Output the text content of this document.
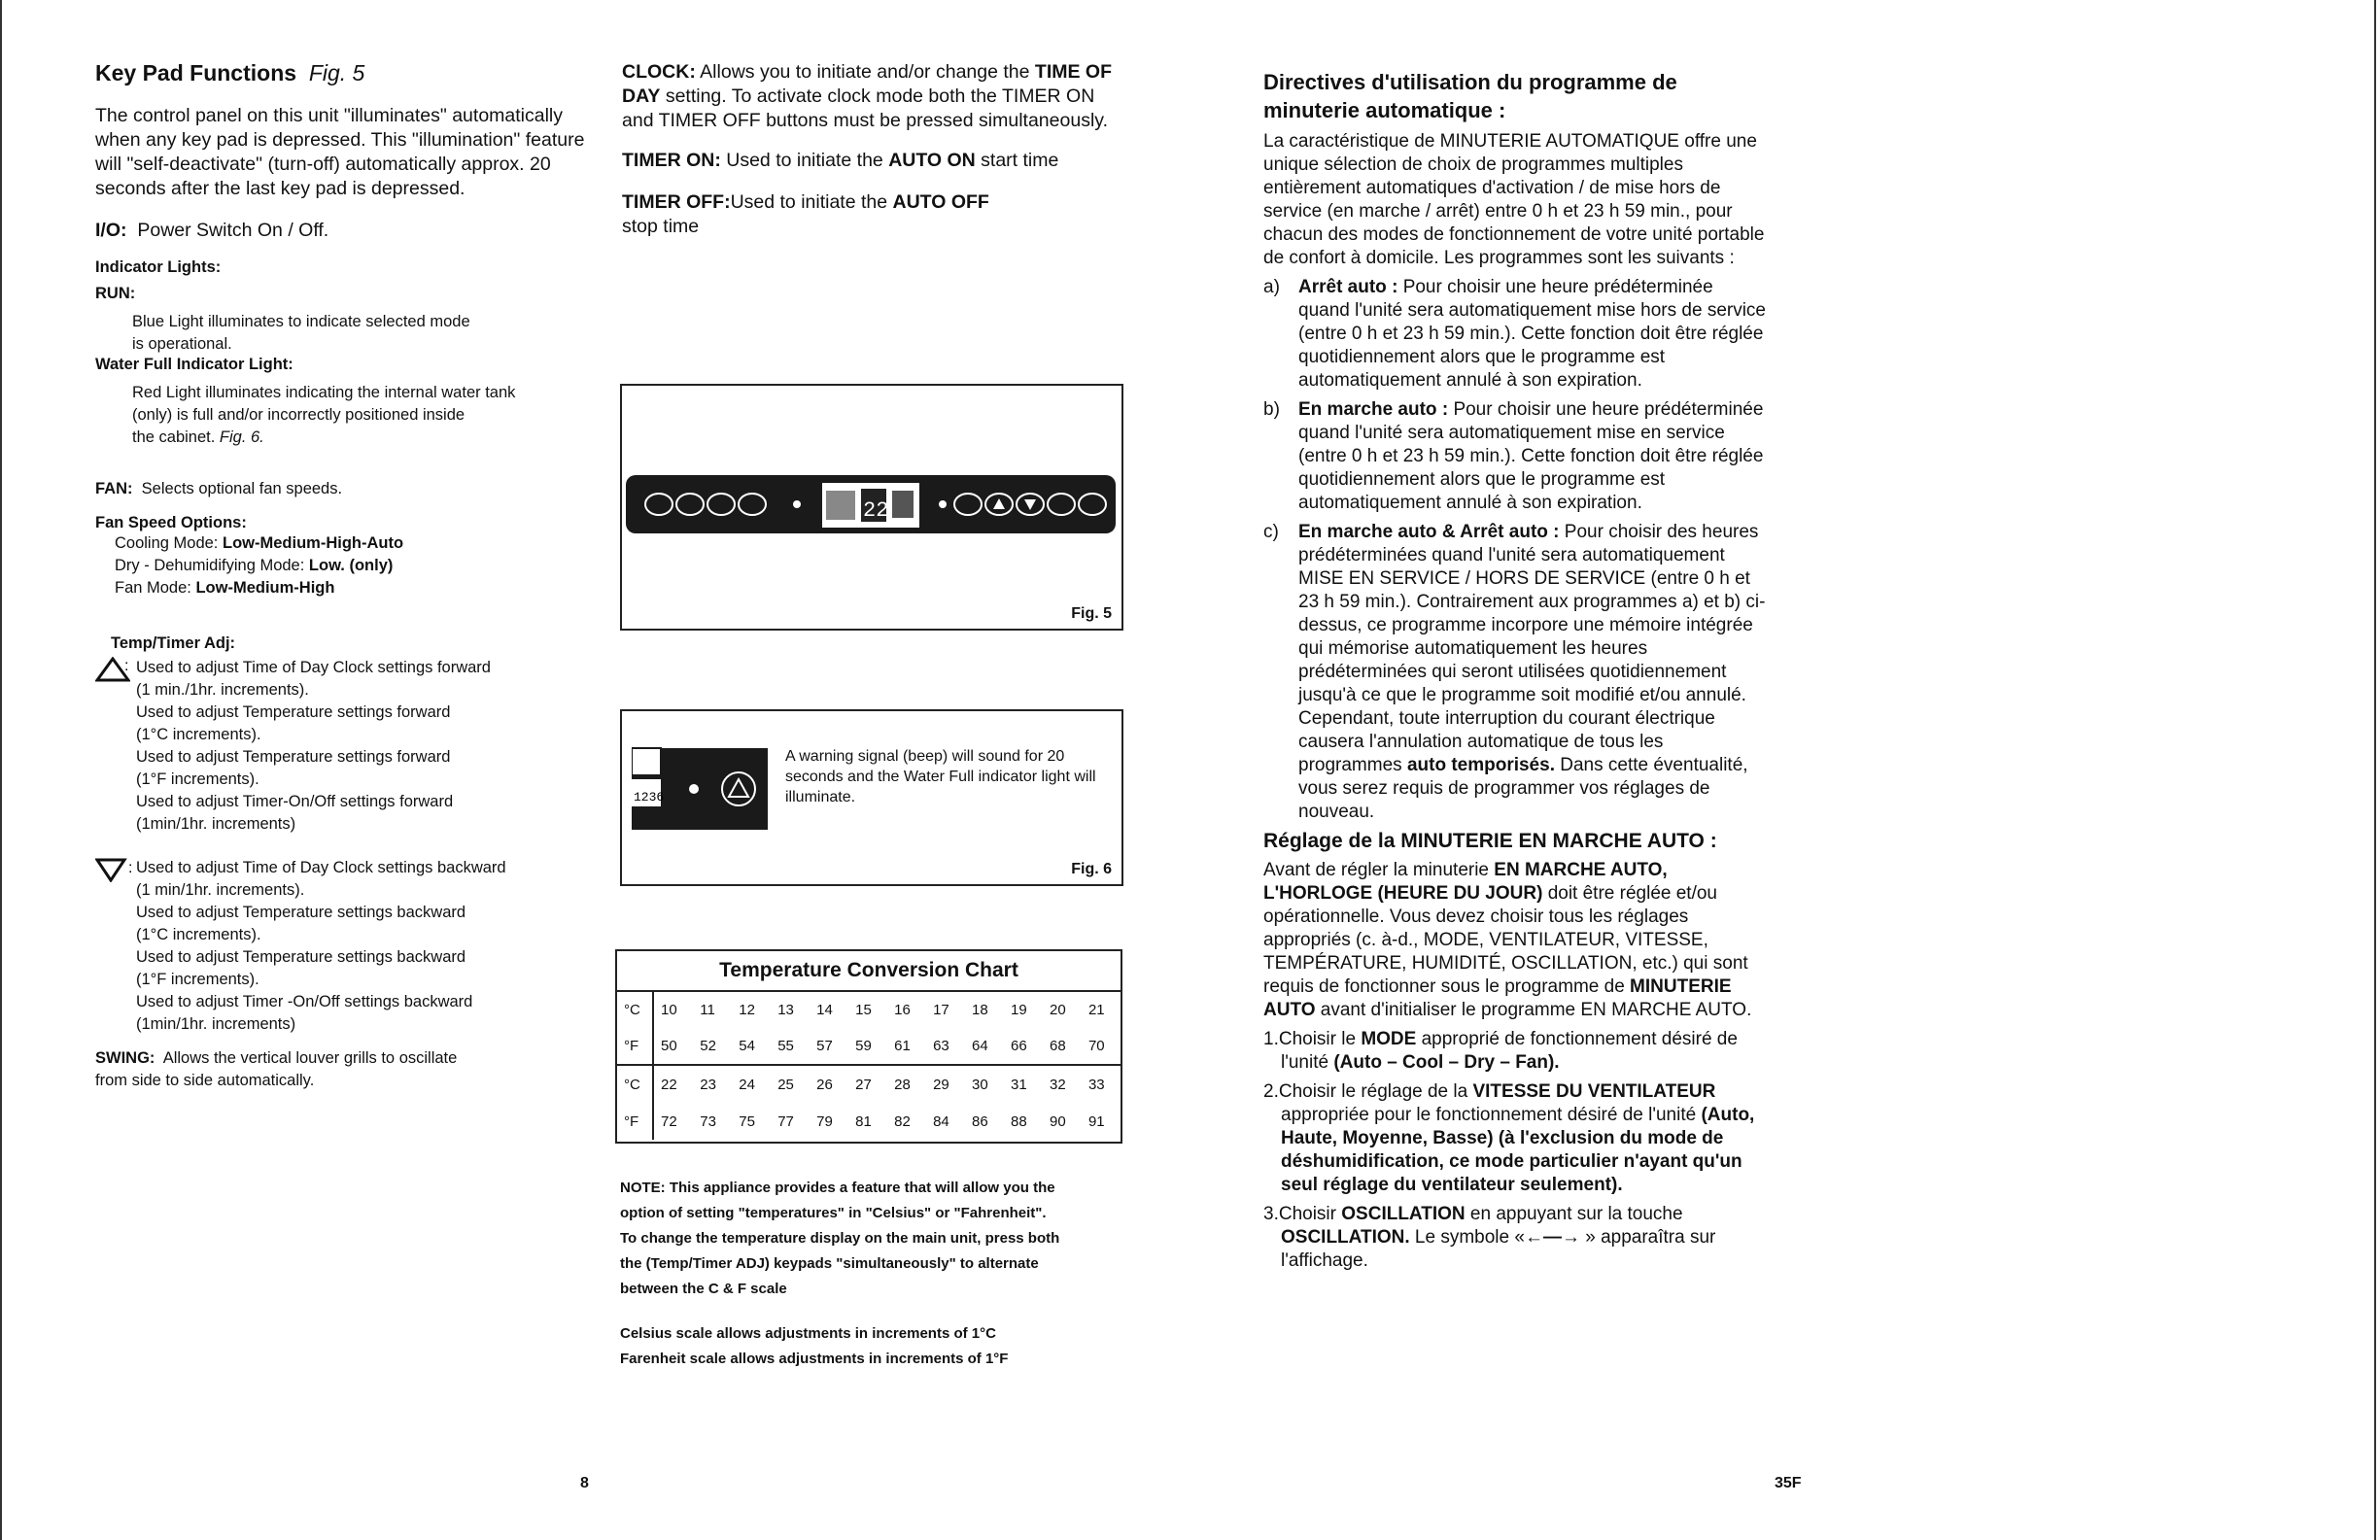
Key Pad Functions Fig. 5

The control panel on this unit "illuminates" automatically when any key pad is depressed. This "illumination" feature will "self-deactivate" (turn-off) automatically approx. 20 seconds after the last key pad is depressed.

I/O: Power Switch On / Off.

Indicator Lights:

RUN:

Blue Light illuminates to indicate selected mode
is operational.

Water Full Indicator Light:

Red Light illuminates indicating the internal water tank
(only) is full and/or incorrectly positioned inside
the cabinet. Fig. 6.

FAN: Selects optional fan speeds.

Fan Speed Options:

Cooling Mode: Low-Medium-High-Auto
Dry - Dehumidifying Mode: Low. (only)
Fan Mode: Low-Medium-High

Temp/Timer Adj:

: Used to adjust Time of Day Clock settings forward
(1 min./1hr. increments).
Used to adjust Temperature settings forward
(1°C increments).
Used to adjust Temperature settings forward
(1°F increments).
Used to adjust Timer-On/Off settings forward
(1min/1hr. increments)
: Used to adjust Time of Day Clock settings backward
(1 min/1hr. increments).
Used to adjust Temperature settings backward
(1°C increments).
Used to adjust Temperature settings backward
(1°F increments).
Used to adjust Timer -On/Off settings backward
(1min/1hr. increments)

SWING: Allows the vertical louver grills to oscillate
from side to side automatically.

8

CLOCK: Allows you to initiate and/or change the TIME OF DAY setting. To activate clock mode both the TIMER ON and TIMER OFF buttons must be pressed simultaneously.

TIMER ON: Used to initiate the AUTO ON start time

TIMER OFF:Used to initiate the AUTO OFF
stop time

22
Fig. 5
1236

A warning signal (beep) will sound for 20 seconds and the Water Full indicator light will illuminate.

Fig. 6
Temperature Conversion Chart
°C	10	11	12	13	14	15	16	17	18	19	20	21
°F	50	52	54	55	57	59	61	63	64	66	68	70
°C	22	23	24	25	26	27	28	29	30	31	32	33
°F	72	73	75	77	79	81	82	84	86	88	90	91
NOTE: This appliance provides a feature that will allow you the
option of setting "temperatures" in "Celsius" or "Fahrenheit".
To change the temperature display on the main unit, press both
the (Temp/Timer ADJ) keypads "simultaneously" to alternate
between the C & F scale
Celsius scale allows adjustments in increments of 1°C
Farenheit scale allows adjustments in increments of 1°F
Directives d'utilisation du programme de
minuterie automatique :

La caractéristique de MINUTERIE AUTOMATIQUE offre une unique sélection de choix de programmes multiples entièrement automatiques d'activation / de mise hors de service (en marche / arrêt) entre 0 h et 23 h 59 min., pour chacun des modes de fonctionnement de votre unité portable de confort à domicile. Les programmes sont les suivants :

a)	Arrêt auto : Pour choisir une heure prédéterminée quand l'unité sera automatiquement mise hors de service (entre 0 h et 23 h 59 min.). Cette fonction doit être réglée quotidiennement alors que le programme est automatiquement annulé à son expiration.
b)	En marche auto : Pour choisir une heure prédéterminée quand l'unité sera automatiquement mise en service (entre 0 h et 23 h 59 min.). Cette fonction doit être réglée quotidiennement alors que le programme est automatiquement annulé à son expiration.
c)	En marche auto & Arrêt auto : Pour choisir des heures prédéterminées quand l'unité sera automatiquement MISE EN SERVICE / HORS DE SERVICE (entre 0 h et 23 h 59 min.). Contrairement aux programmes a) et b) ci-dessus, ce programme incorpore une mémoire intégrée qui mémorise automatiquement les heures prédéterminées qui seront utilisées quotidiennement jusqu'à ce que le programme soit modifié et/ou annulé. Cependant, toute interruption du courant électrique causera l'annulation automatique de tous les programmes auto temporisés. Dans cette éventualité, vous serez requis de programmer vos réglages de nouveau.

Réglage de la MINUTERIE EN MARCHE AUTO :

Avant de régler la minuterie EN MARCHE AUTO, L'HORLOGE (HEURE DU JOUR) doit être réglée et/ou opérationnelle. Vous devez choisir tous les réglages appropriés (c. à-d., MODE, VENTILATEUR, VITESSE, TEMPÉRATURE, HUMIDITÉ, OSCILLATION, etc.) qui sont requis de fonctionner sous le programme de MINUTERIE AUTO avant d'initialiser le programme EN MARCHE AUTO.

1.Choisir le MODE approprié de fonctionnement désiré de l'unité (Auto – Cool – Dry – Fan).

2.Choisir le réglage de la VITESSE DU VENTILATEUR appropriée pour le fonctionnement désiré de l'unité (Auto, Haute, Moyenne, Basse) (à l'exclusion du mode de déshumidification, ce mode particulier n'ayant qu'un seul réglage du ventilateur seulement).

3.Choisir OSCILLATION en appuyant sur la touche OSCILLATION. Le symbole «←—→ » apparaîtra sur l'affichage.

35F
